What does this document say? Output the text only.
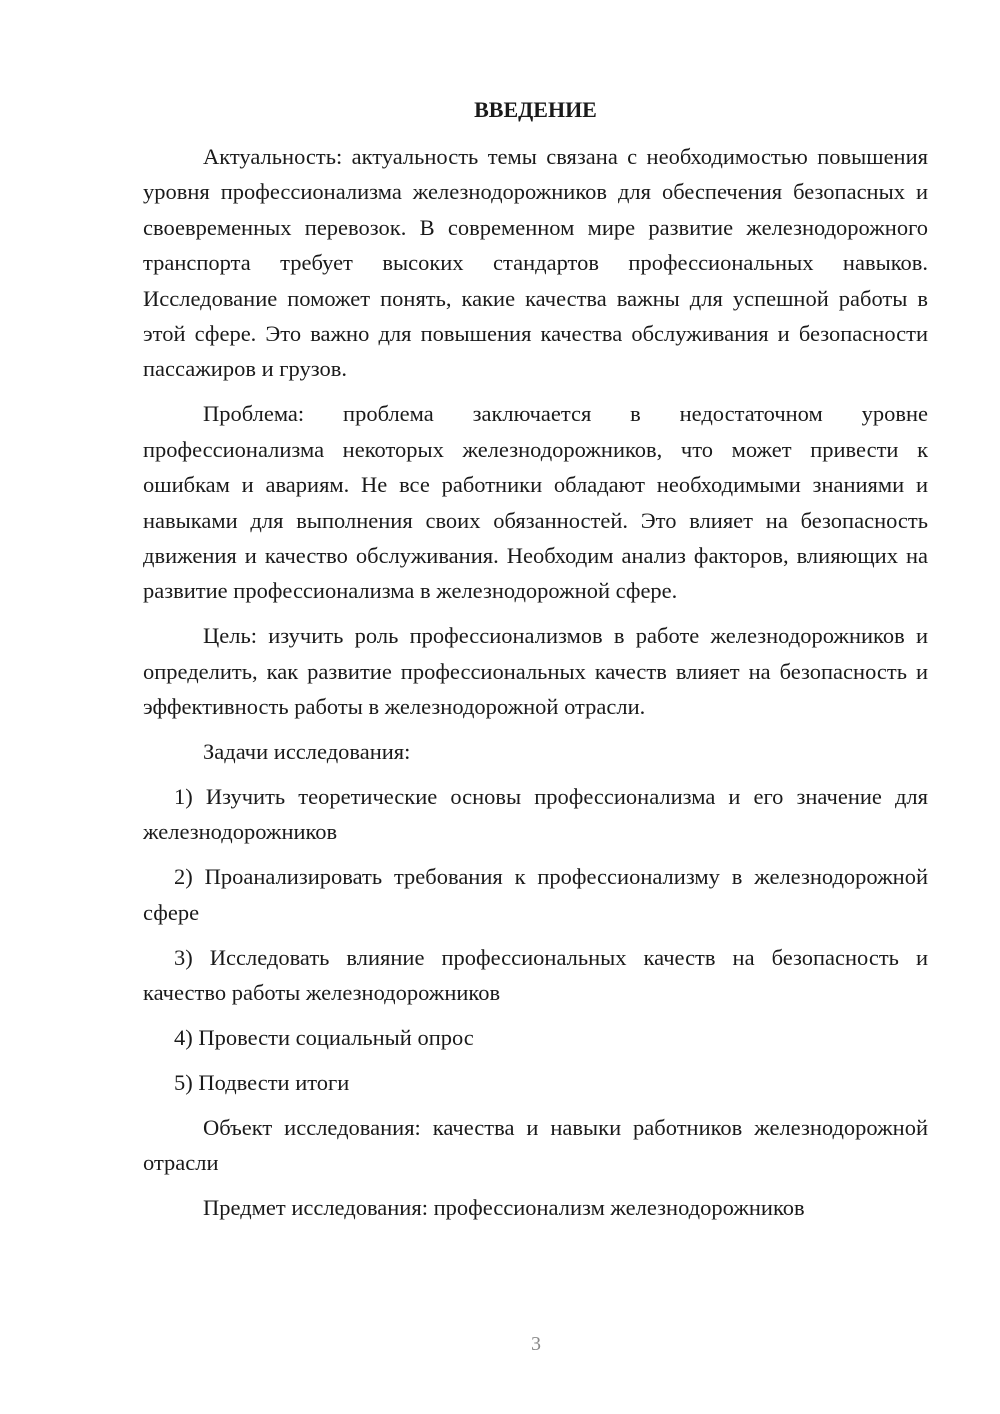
ВВЕДЕНИЕ

Актуальность: актуальность темы связана с необходимостью повышения уровня профессионализма железнодорожников для обеспечения безопасных и своевременных перевозок. В современном мире развитие железнодорожного транспорта требует высоких стандартов профессиональных навыков. Исследование поможет понять, какие качества важны для успешной работы в этой сфере. Это важно для повышения качества обслуживания и безопасности пассажиров и грузов.

Проблема: проблема заключается в недостаточном уровне профессионализма некоторых железнодорожников, что может привести к ошибкам и авариям. Не все работники обладают необходимыми знаниями и навыками для выполнения своих обязанностей. Это влияет на безопасность движения и качество обслуживания. Необходим анализ факторов, влияющих на развитие профессионализма в железнодорожной сфере.

Цель: изучить роль профессионализмов в работе железнодорожников и определить, как развитие профессиональных качеств влияет на безопасность и эффективность работы в железнодорожной отрасли.

Задачи исследования:

1) Изучить теоретические основы профессионализма и его значение для железнодорожников

2) Проанализировать требования к профессионализму в железнодорожной сфере

3) Исследовать влияние профессиональных качеств на безопасность и качество работы железнодорожников

4) Провести социальный опрос

5) Подвести итоги

Объект исследования: качества и навыки работников железнодорожной отрасли

Предмет исследования: профессионализм железнодорожников

3
